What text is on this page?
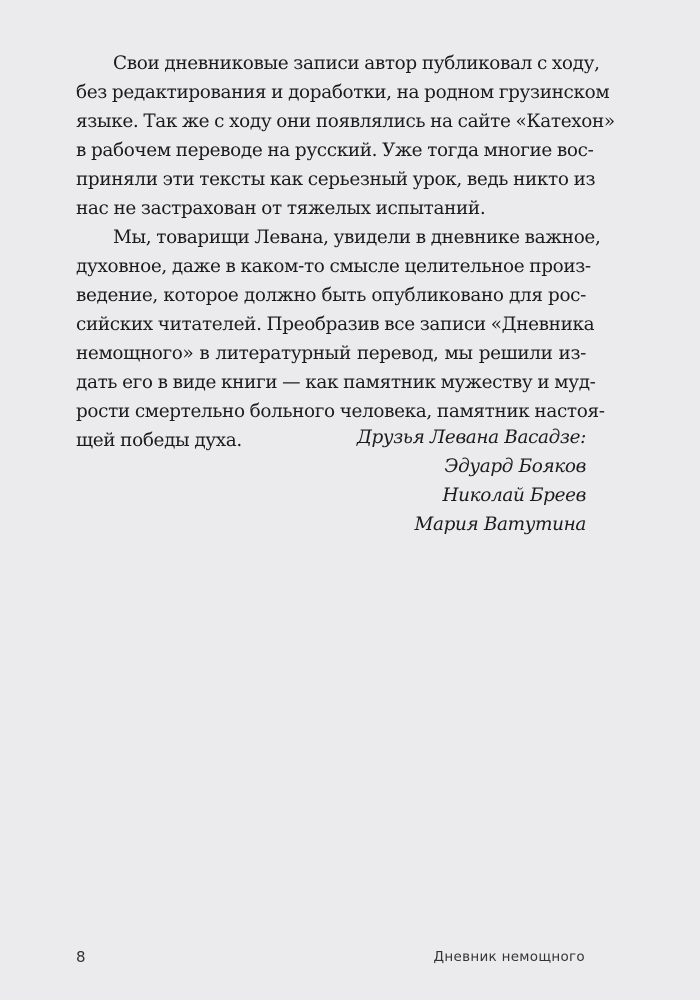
Свои дневниковые записи автор публиковал с ходу,
без редактирования и доработки, на родном грузинском
языке. Так же с ходу они появлялись на сайте «Катехон»
в рабочем переводе на русский. Уже тогда многие вос-
приняли эти тексты как серьезный урок, ведь никто из
нас не застрахован от тяжелых испытаний.
Мы, товарищи Левана, увидели в дневнике важное,
духовное, даже в каком-то смысле целительное произ-
ведение, которое должно быть опубликовано для рос-
сийских читателей. Преобразив все записи «Дневника
немощного» в литературный перевод, мы решили из-
дать его в виде книги — как памятник мужеству и муд-
рости смертельно больного человека, памятник настоя-
щей победы духа.	Друзья Левана Васадзе:
Эдуард Бояков
Николай Бреев
Мария Ватутина
8	Дневник немощного
